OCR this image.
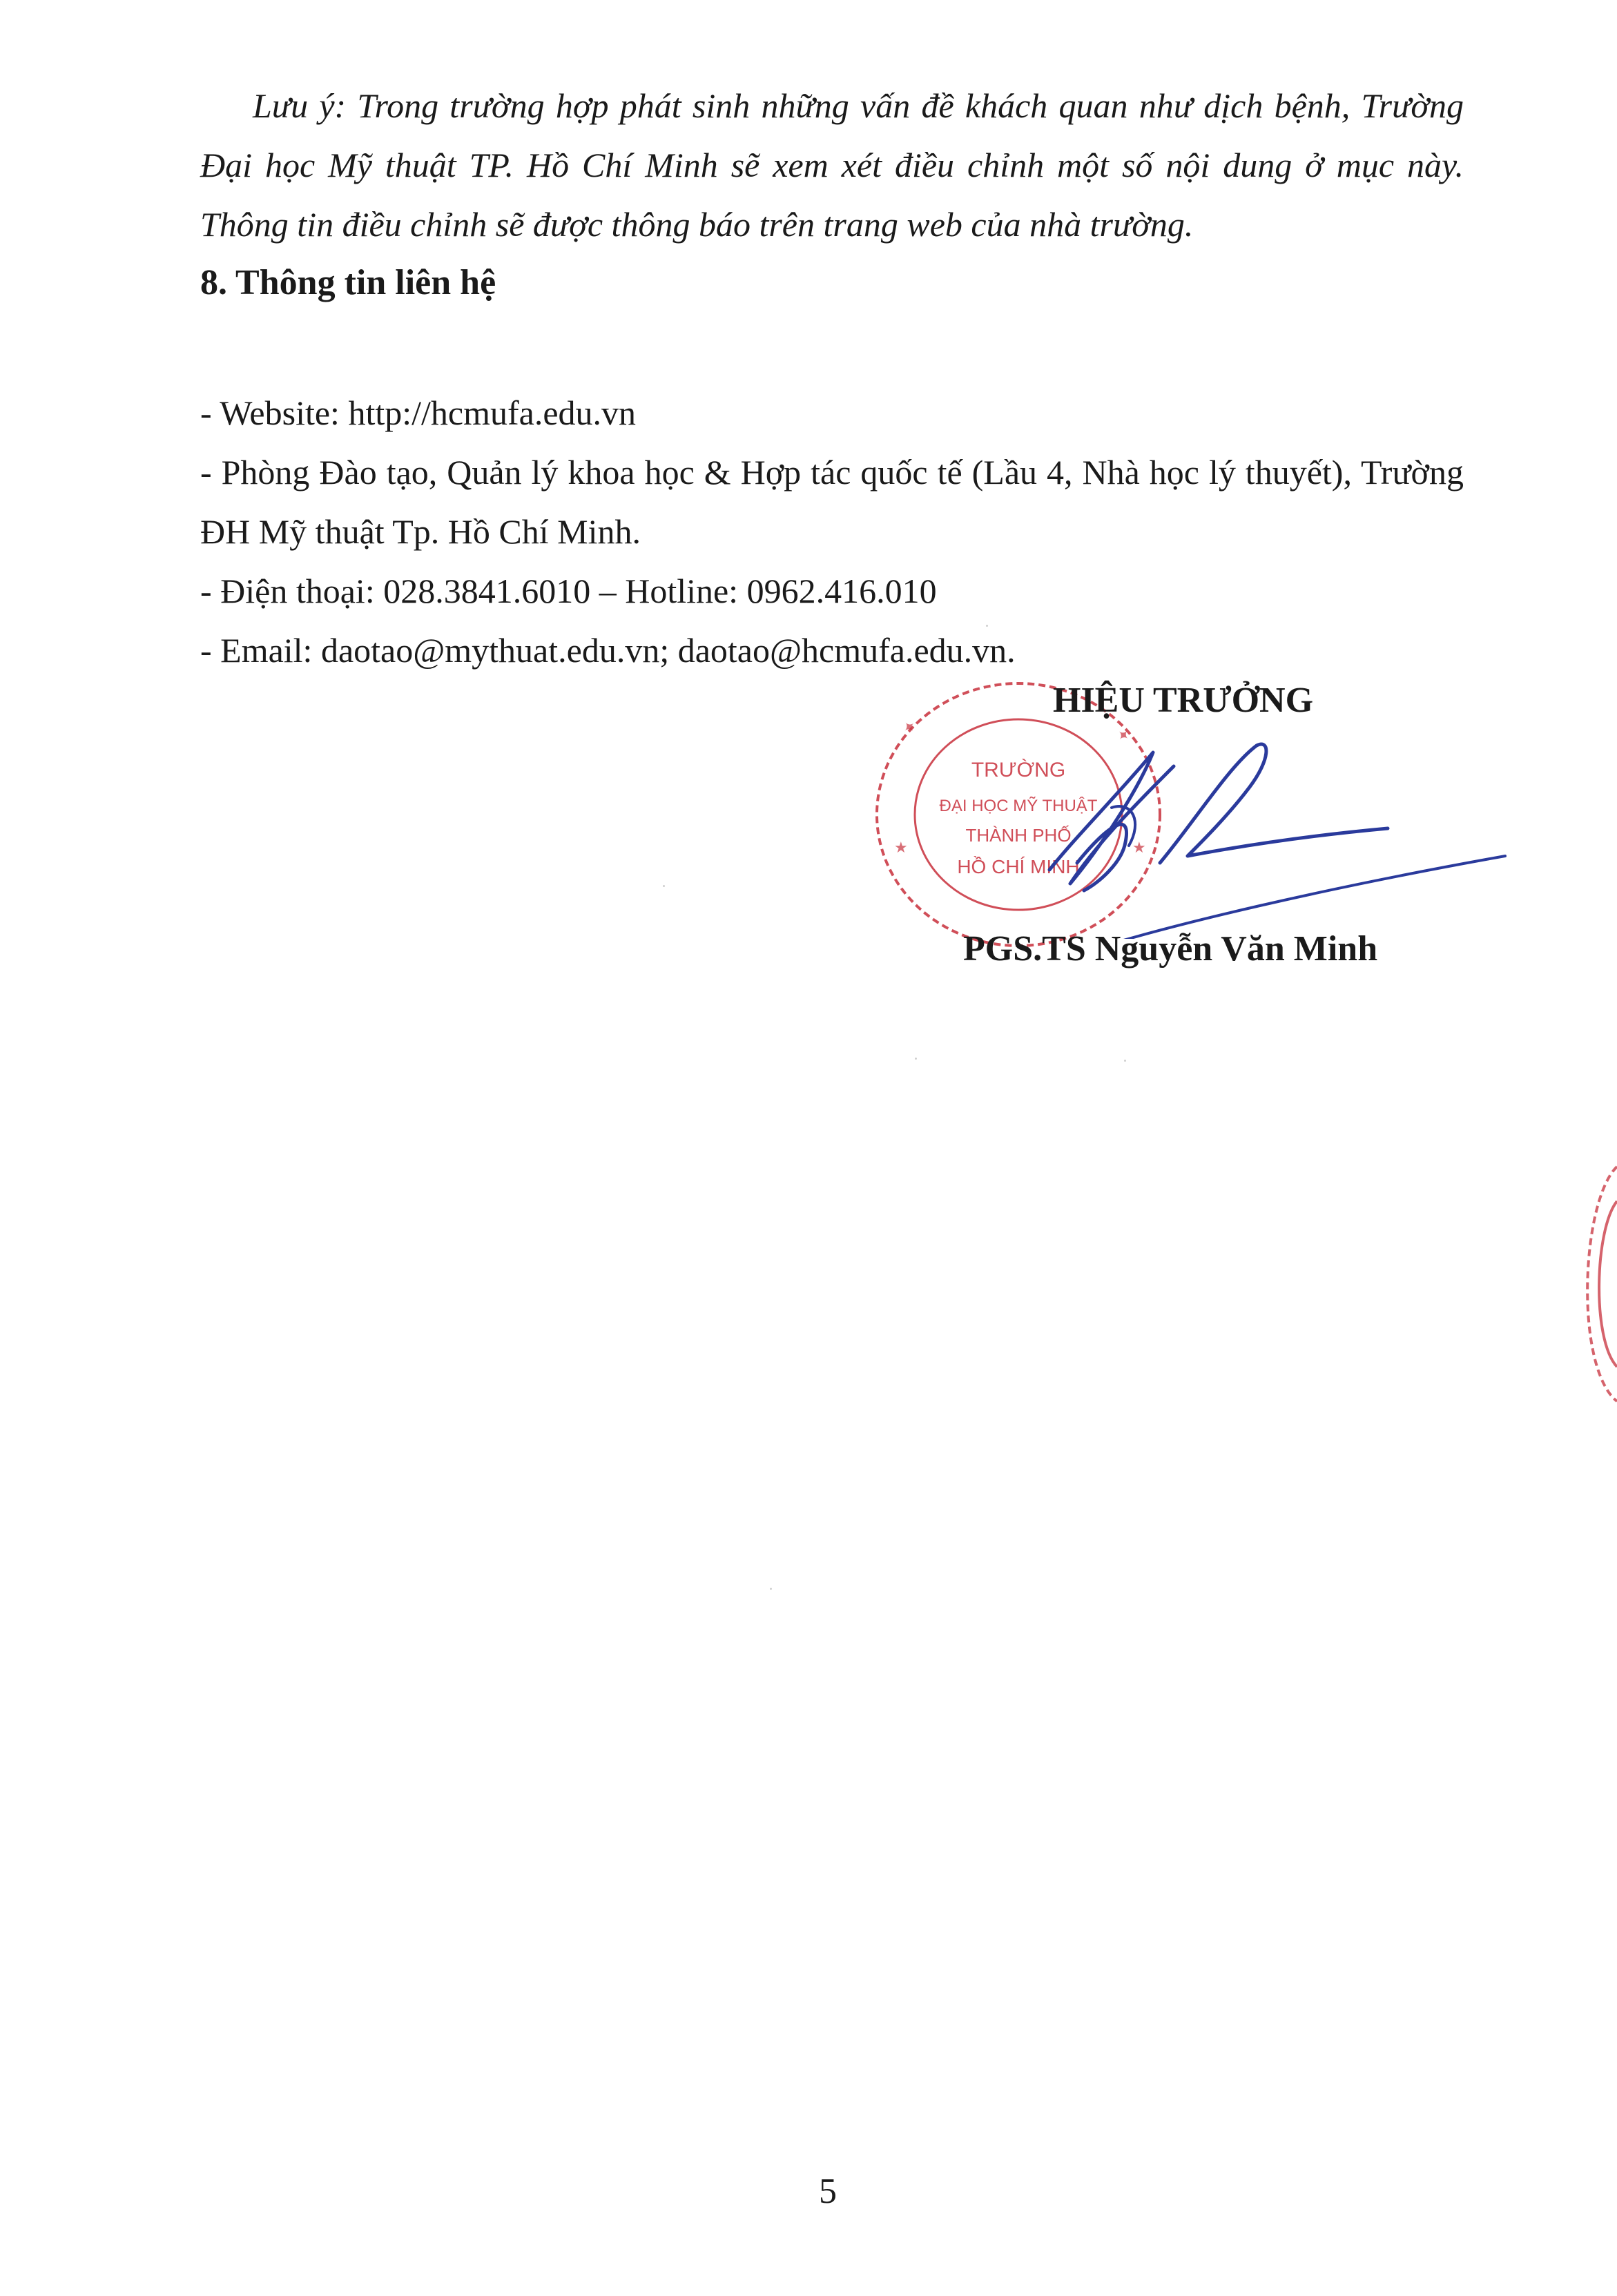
Lưu ý: Trong trường hợp phát sinh những vấn đề khách quan như dịch bệnh, Trường Đại học Mỹ thuật TP. Hồ Chí Minh sẽ xem xét điều chỉnh một số nội dung ở mục này. Thông tin điều chỉnh sẽ được thông báo trên trang web của nhà trường.

8. Thông tin liên hệ

- Website: http://hcmufa.edu.vn
- Phòng Đào tạo, Quản lý khoa học & Hợp tác quốc tế (Lầu 4, Nhà học lý thuyết), Trường ĐH Mỹ thuật Tp. Hồ Chí Minh.
- Điện thoại: 028.3841.6010 – Hotline: 0962.416.010
- Email: daotao@mythuat.edu.vn; daotao@hcmufa.edu.vn.
TRƯỜNG
ĐẠI HỌC MỸ THUẬT
THÀNH PHỐ
HỒ CHÍ MINH
✦	✦
★	★

HIỆU TRƯỞNG

PGS.TS Nguyễn Văn Minh

5
